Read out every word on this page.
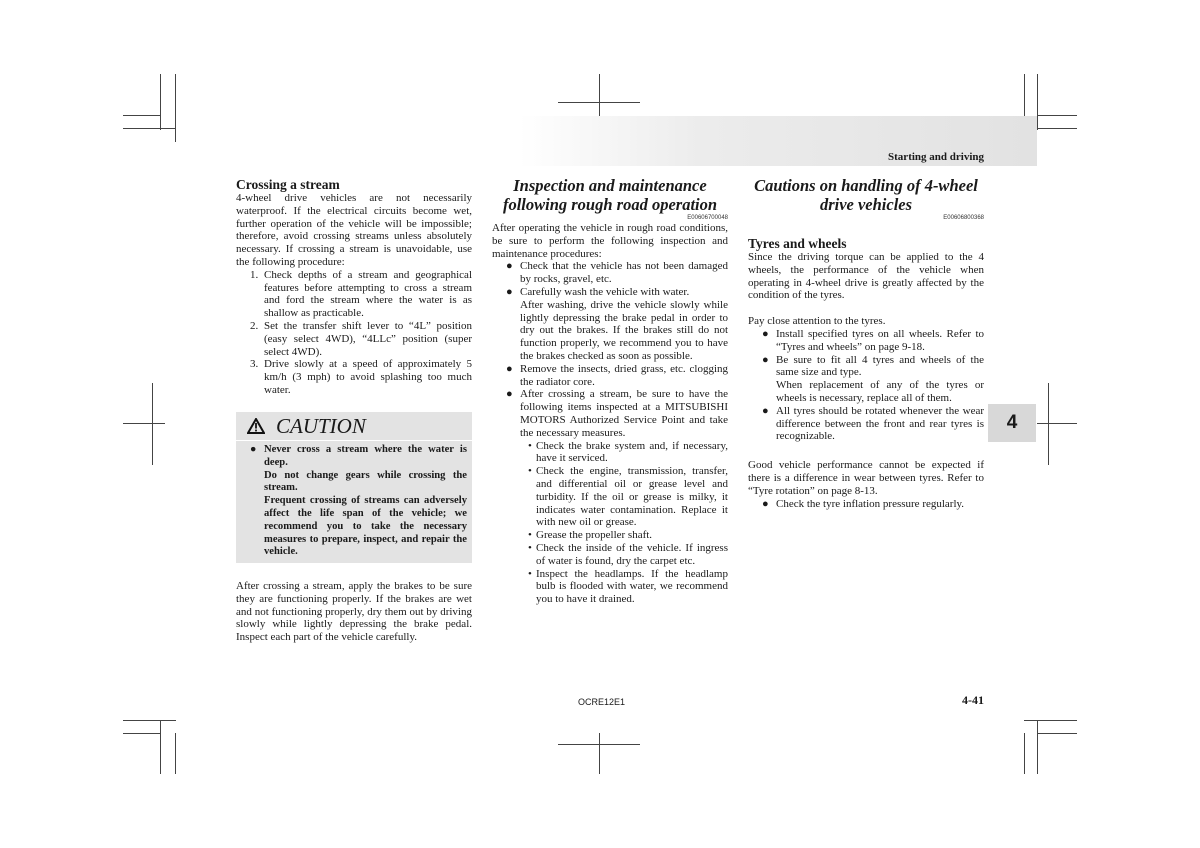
Starting and driving
4

Crossing a stream

4-wheel drive vehicles are not necessarily waterproof. If the electrical circuits become wet, further operation of the vehicle will be impossible; therefore, avoid crossing streams unless absolutely necessary. If crossing a stream is unavoidable, use the following procedure:

1. Check depths of a stream and geographical features before attempting to cross a stream and ford the stream where the water is as shallow as practicable.
2. Set the transfer shift lever to “4L” position (easy select 4WD), “4LLc” position (super select 4WD).
3. Drive slowly at a speed of approximately 5 km/h (3 mph) to avoid splashing too much water.
CAUTION
● Never cross a stream where the water is deep.
Do not change gears while crossing the stream.
Frequent crossing of streams can adversely affect the life span of the vehicle; we recommend you to take the necessary measures to prepare, inspect, and repair the vehicle.

After crossing a stream, apply the brakes to be sure they are functioning properly. If the brakes are wet and not functioning properly, dry them out by driving slowly while lightly depressing the brake pedal. Inspect each part of the vehicle carefully.

Inspection and maintenance following rough road operation

E00606700048

After operating the vehicle in rough road conditions, be sure to perform the following inspection and maintenance procedures:

● Check that the vehicle has not been damaged by rocks, gravel, etc.
● Carefully wash the vehicle with water.
After washing, drive the vehicle slowly while lightly depressing the brake pedal in order to dry out the brakes. If the brakes still do not function properly, we recommend you to have the brakes checked as soon as possible.
● Remove the insects, dried grass, etc. clogging the radiator core.
● After crossing a stream, be sure to have the following items inspected at a MITSUBISHI MOTORS Authorized Service Point and take the necessary measures.
• Check the brake system and, if necessary, have it serviced.
• Check the engine, transmission, transfer, and differential oil or grease level and turbidity. If the oil or grease is milky, it indicates water contamination. Replace it with new oil or grease.
• Grease the propeller shaft.
• Check the inside of the vehicle. If ingress of water is found, dry the carpet etc.
• Inspect the headlamps. If the headlamp bulb is flooded with water, we recommend you to have it drained.

Cautions on handling of 4-wheel drive vehicles

E00606800368

Tyres and wheels

Since the driving torque can be applied to the 4 wheels, the performance of the vehicle when operating in 4-wheel drive is greatly affected by the condition of the tyres.

Pay close attention to the tyres.

● Install specified tyres on all wheels. Refer to “Tyres and wheels” on page 9-18.
● Be sure to fit all 4 tyres and wheels of the same size and type.
When replacement of any of the tyres or wheels is necessary, replace all of them.
● All tyres should be rotated whenever the wear difference between the front and rear tyres is recognizable.

Good vehicle performance cannot be expected if there is a difference in wear between tyres. Refer to “Tyre rotation” on page 8-13.

● Check the tyre inflation pressure regularly.
OCRE12E1	4-41
